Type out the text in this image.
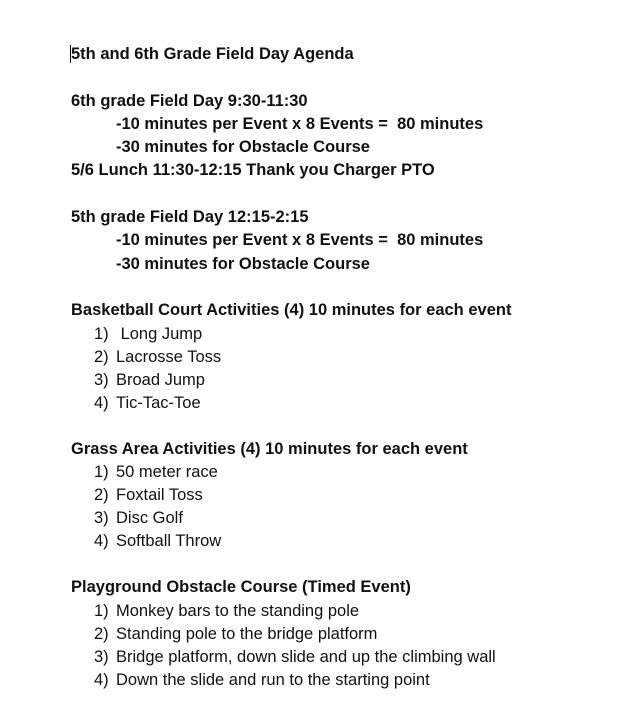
5th and 6th Grade Field Day Agenda
6th grade Field Day 9:30-11:30
-10 minutes per Event x 8 Events =  80 minutes
-30 minutes for Obstacle Course
5/6 Lunch 11:30-12:15 Thank you Charger PTO
5th grade Field Day 12:15-2:15
-10 minutes per Event x 8 Events =  80 minutes
-30 minutes for Obstacle Course
Basketball Court Activities (4) 10 minutes for each event
1) Long Jump
2) Lacrosse Toss
3) Broad Jump
4) Tic-Tac-Toe
Grass Area Activities (4) 10 minutes for each event
1) 50 meter race
2) Foxtail Toss
3) Disc Golf
4) Softball Throw
Playground Obstacle Course (Timed Event)
1) Monkey bars to the standing pole
2) Standing pole to the bridge platform
3) Bridge platform, down slide and up the climbing wall
4) Down the slide and run to the starting point
